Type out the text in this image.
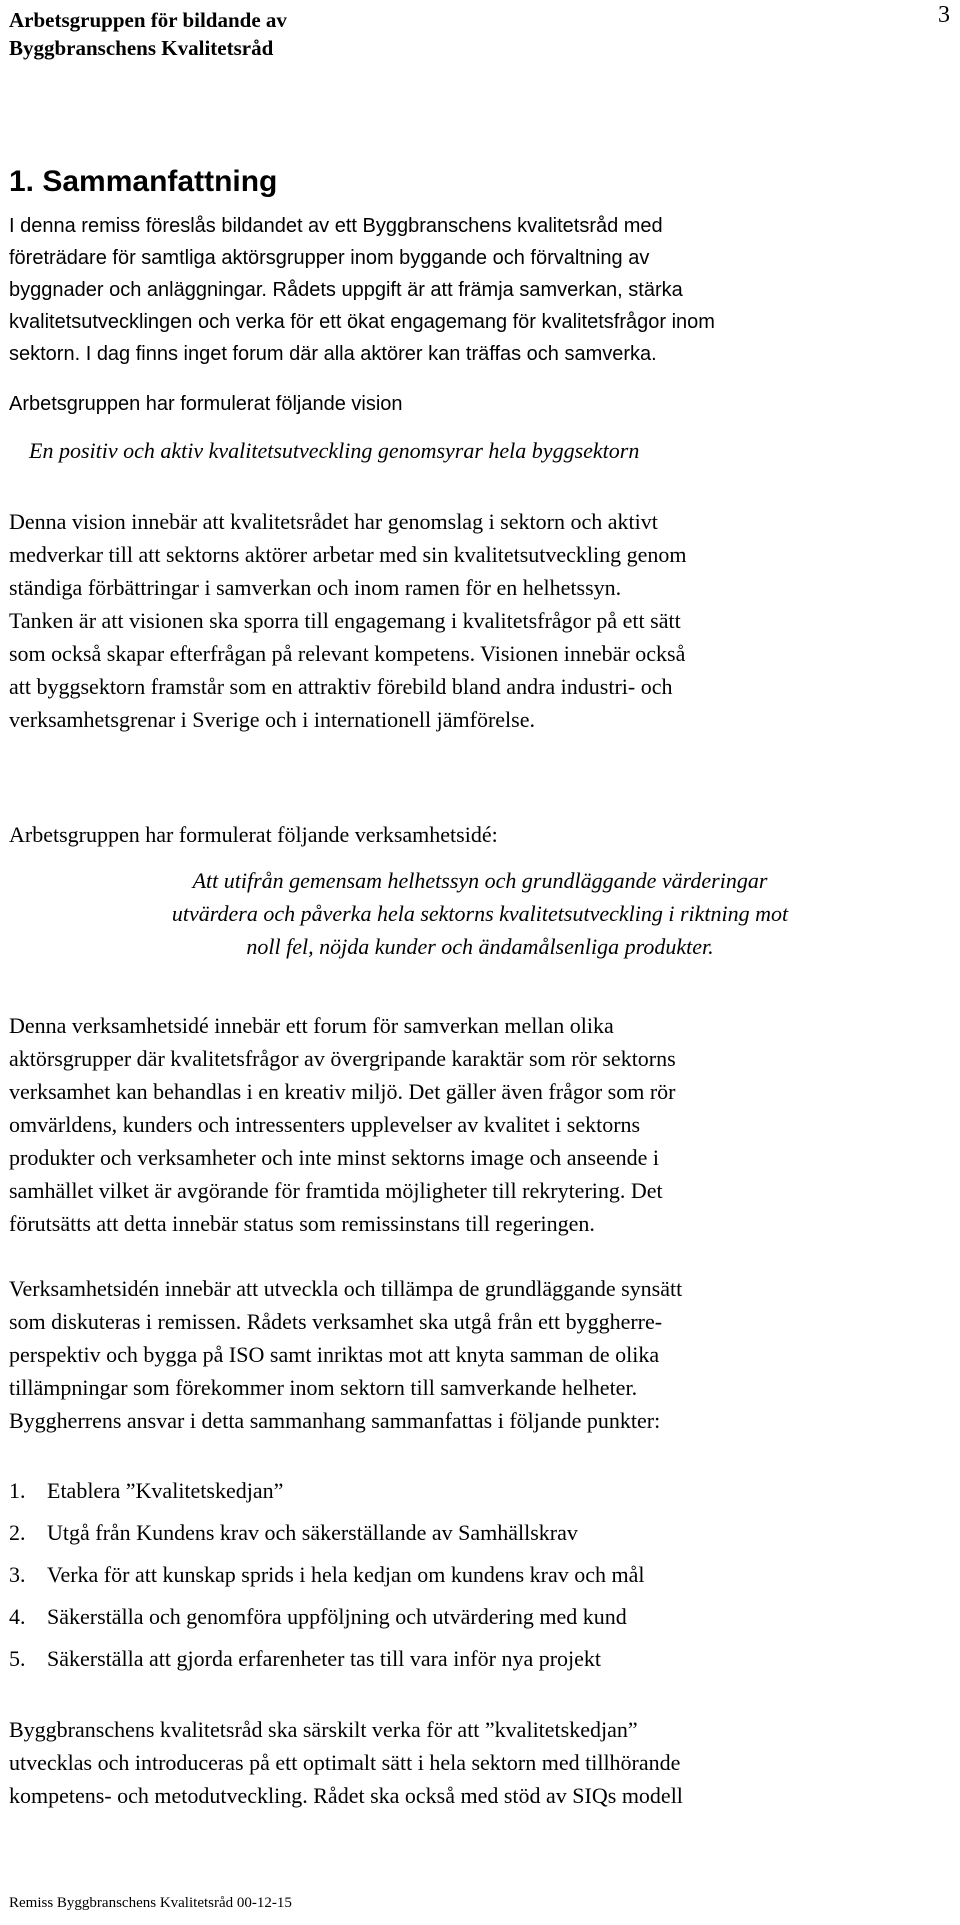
Arbetsgruppen för bildande av
Byggbranschens Kvalitetsråd
3
1. Sammanfattning
I denna remiss föreslås bildandet av ett Byggbranschens kvalitetsråd med
företrädare för samtliga aktörsgrupper inom byggande och förvaltning av
byggnader och anläggningar. Rådets uppgift är att främja samverkan, stärka
kvalitetsutvecklingen och verka för ett ökat engagemang för kvalitetsfrågor inom
sektorn. I dag finns inget forum där alla aktörer kan träffas och samverka.
Arbetsgruppen har formulerat följande vision
En positiv och aktiv kvalitetsutveckling genomsyrar hela byggsektorn
Denna vision innebär att kvalitetsrådet har genomslag i sektorn och aktivt
medverkar till att sektorns aktörer arbetar med sin kvalitetsutveckling genom
ständiga förbättringar i samverkan och inom ramen för en helhetssyn.
Tanken är att visionen ska sporra till engagemang i kvalitetsfrågor på ett sätt
som också skapar efterfrågan på relevant kompetens. Visionen innebär också
att byggsektorn framstår som en attraktiv förebild bland andra industri- och
verksamhetsgrenar i Sverige och i internationell jämförelse.
Arbetsgruppen har formulerat följande verksamhetsidé:
Att utifrån gemensam helhetssyn och grundläggande värderingar
utvärdera och påverka hela sektorns kvalitetsutveckling i riktning mot
noll fel, nöjda kunder och ändamålsenliga produkter.
Denna verksamhetsidé innebär ett forum för samverkan mellan olika
aktörsgrupper där kvalitetsfrågor av övergripande karaktär som rör sektorns
verksamhet kan behandlas i en kreativ miljö. Det gäller även frågor som rör
omvärldens, kunders och intressenters upplevelser av kvalitet i sektorns
produkter och verksamheter och inte minst sektorns image och anseende i
samhället vilket är avgörande för framtida möjligheter till rekrytering. Det
förutsätts att detta innebär status som remissinstans till regeringen.
Verksamhetsidén innebär att utveckla och tillämpa de grundläggande synsätt
som diskuteras i remissen. Rådets verksamhet ska utgå från ett byggherre-
perspektiv och bygga på ISO samt inriktas mot att knyta samman de olika
tillämpningar som förekommer inom sektorn till samverkande helheter.
Byggherrens ansvar i detta sammanhang sammanfattas i följande punkter:
1. Etablera ”Kvalitetskedjan”
2. Utgå från Kundens krav och säkerställande av Samhällskrav
3. Verka för att kunskap sprids i hela kedjan om kundens krav och mål
4. Säkerställa och genomföra uppföljning och utvärdering med kund
5. Säkerställa att gjorda erfarenheter tas till vara inför nya projekt
Byggbranschens kvalitetsråd ska särskilt verka för att ”kvalitetskedjan”
utvecklas och introduceras på ett optimalt sätt i hela sektorn med tillhörande
kompetens- och metodutveckling. Rådet ska också med stöd av SIQs modell
Remiss Byggbranschens Kvalitetsråd 00-12-15
